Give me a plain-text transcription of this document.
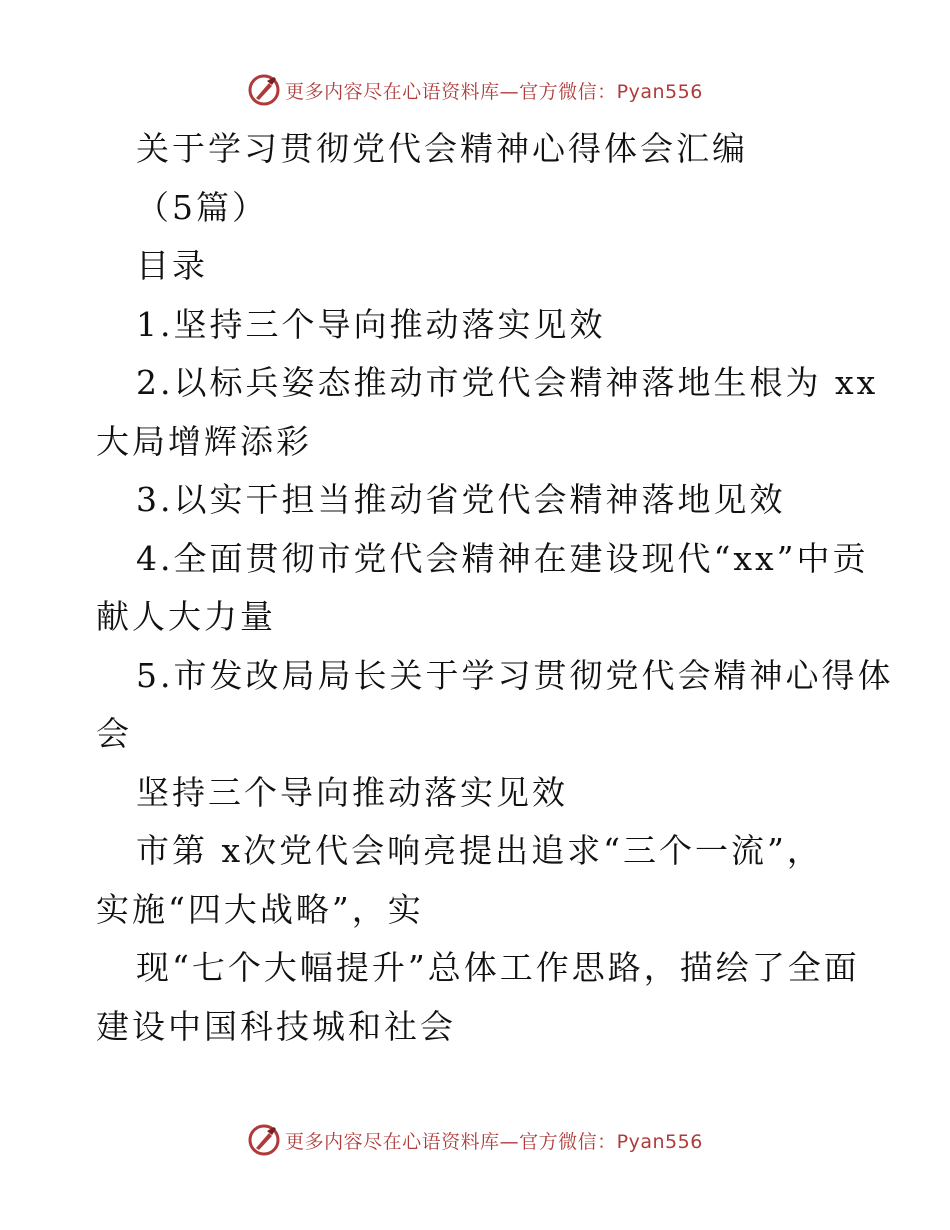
更多内容尽在心语资料库—官方微信：Pyan556
关于学习贯彻党代会精神心得体会汇编
（5篇）
目录
1.坚持三个导向推动落实见效
2.以标兵姿态推动市党代会精神落地生根为 xx
大局增辉添彩
3.以实干担当推动省党代会精神落地见效
4.全面贯彻市党代会精神在建设现代“xx”中贡
献人大力量
5.市发改局局长关于学习贯彻党代会精神心得体
会
坚持三个导向推动落实见效
市第 x次党代会响亮提出追求“三个一流”，
实施“四大战略”，实
现“七个大幅提升”总体工作思路，描绘了全面
建设中国科技城和社会
更多内容尽在心语资料库—官方微信：Pyan556
